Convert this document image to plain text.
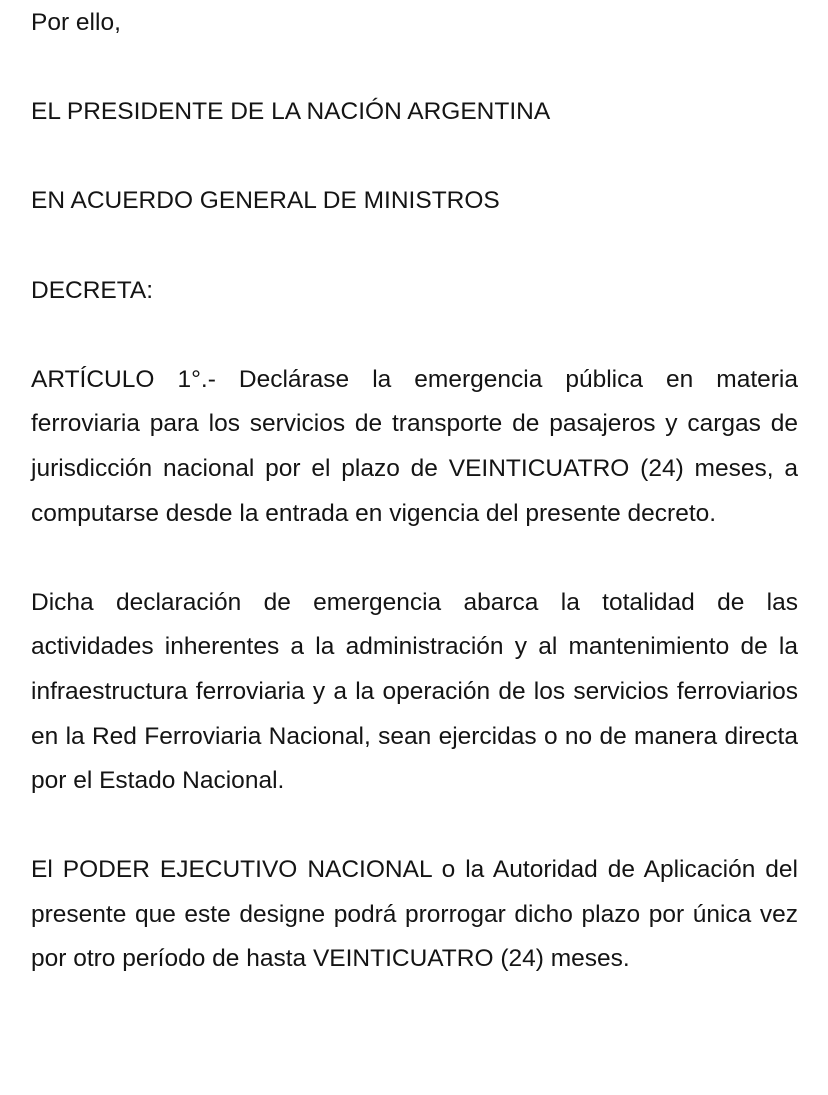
Por ello,

EL PRESIDENTE DE LA NACIÓN ARGENTINA

EN ACUERDO GENERAL DE MINISTROS

DECRETA:

ARTÍCULO 1°.- Declárase la emergencia pública en materia ferroviaria para los servicios de transporte de pasajeros y cargas de jurisdicción nacional por el plazo de VEINTICUATRO (24) meses, a computarse desde la entrada en vigencia del presente decreto.

Dicha declaración de emergencia abarca la totalidad de las actividades inherentes a la administración y al mantenimiento de la infraestructura ferroviaria y a la operación de los servicios ferroviarios en la Red Ferroviaria Nacional, sean ejercidas o no de manera directa por el Estado Nacional.

El PODER EJECUTIVO NACIONAL o la Autoridad de Aplicación del presente que este designe podrá prorrogar dicho plazo por única vez por otro período de hasta VEINTICUATRO (24) meses.
